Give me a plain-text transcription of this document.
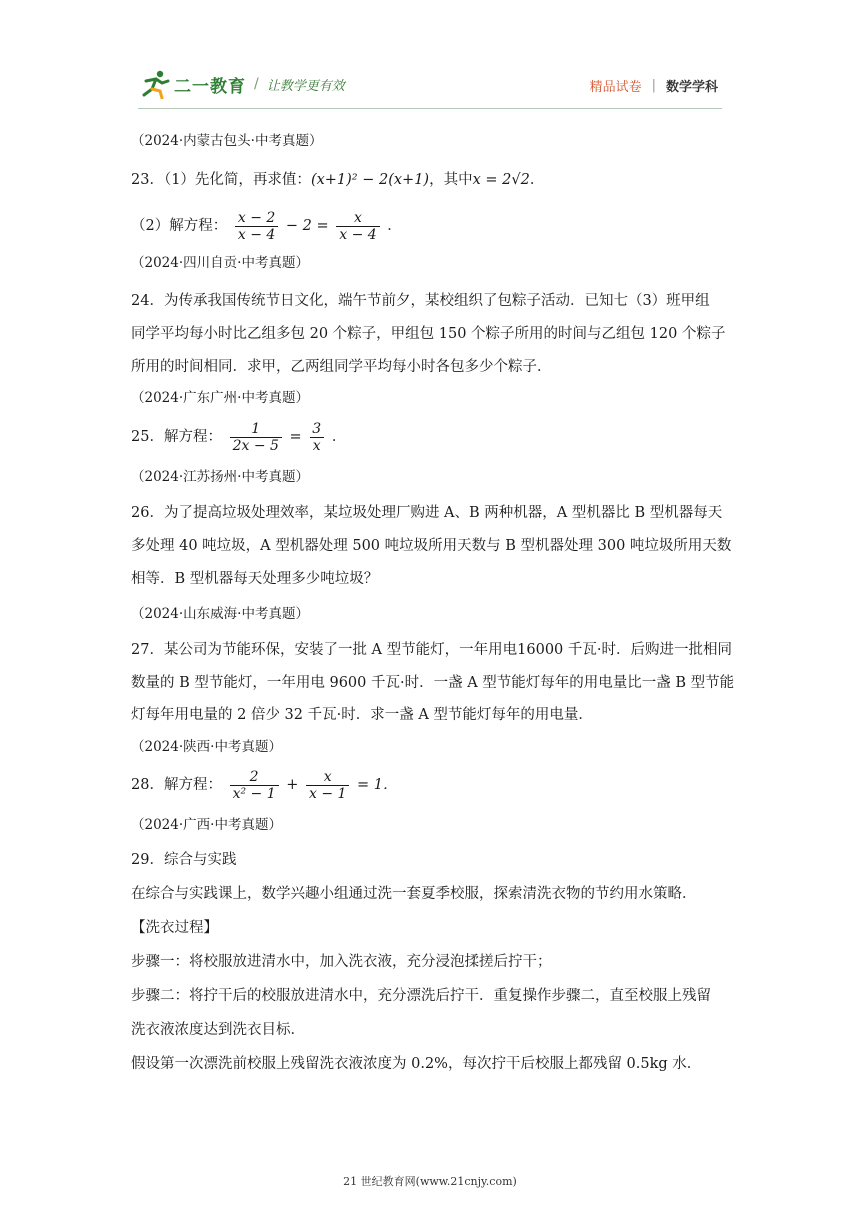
二一教育 / 让教学更有效	精品试卷 | 数学学科
（2024·内蒙古包头·中考真题）
23．（1）先化简，再求值：(x+1)² − 2(x+1)，其中x = 2√2．
（2）解方程： $\frac{x - 2}{x - 4} - 2 = \frac{x}{x - 4}$ ．
（2024·四川自贡·中考真题）
24．为传承我国传统节日文化，端午节前夕，某校组织了包粽子活动．已知七（3）班甲组
同学平均每小时比乙组多包 20 个粽子，甲组包 150 个粽子所用的时间与乙组包 120 个粽子
所用的时间相同．求甲，乙两组同学平均每小时各包多少个粽子．
（2024·广东广州·中考真题）
25．解方程： $\frac{1}{2x - 5} = \frac{3}{x}$ ．
（2024·江苏扬州·中考真题）
26．为了提高垃圾处理效率，某垃圾处理厂购进 A、B 两种机器，A 型机器比 B 型机器每天
多处理 40 吨垃圾，A 型机器处理 500 吨垃圾所用天数与 B 型机器处理 300 吨垃圾所用天数
相等．B 型机器每天处理多少吨垃圾？
（2024·山东威海·中考真题）
27．某公司为节能环保，安装了一批 A 型节能灯，一年用电16000 千瓦·时．后购进一批相同
数量的 B 型节能灯，一年用电 9600 千瓦·时．一盏 A 型节能灯每年的用电量比一盏 B 型节能
灯每年用电量的 2 倍少 32 千瓦·时．求一盏 A 型节能灯每年的用电量．
（2024·陕西·中考真题）
28．解方程： $\frac{2}{\text{x² − 1}} + \frac{x}{x - 1} = 1$．
（2024·广西·中考真题）
29．综合与实践
在综合与实践课上，数学兴趣小组通过洗一套夏季校服，探索清洗衣物的节约用水策略．
【洗衣过程】
步骤一：将校服放进清水中，加入洗衣液，充分浸泡揉搓后拧干；
步骤二：将拧干后的校服放进清水中，充分漂洗后拧干．重复操作步骤二，直至校服上残留
洗衣液浓度达到洗衣目标．
假设第一次漂洗前校服上残留洗衣液浓度为 0.2%，每次拧干后校服上都残留 0.5kg 水．
21 世纪教育网(www.21cnjy.com)
